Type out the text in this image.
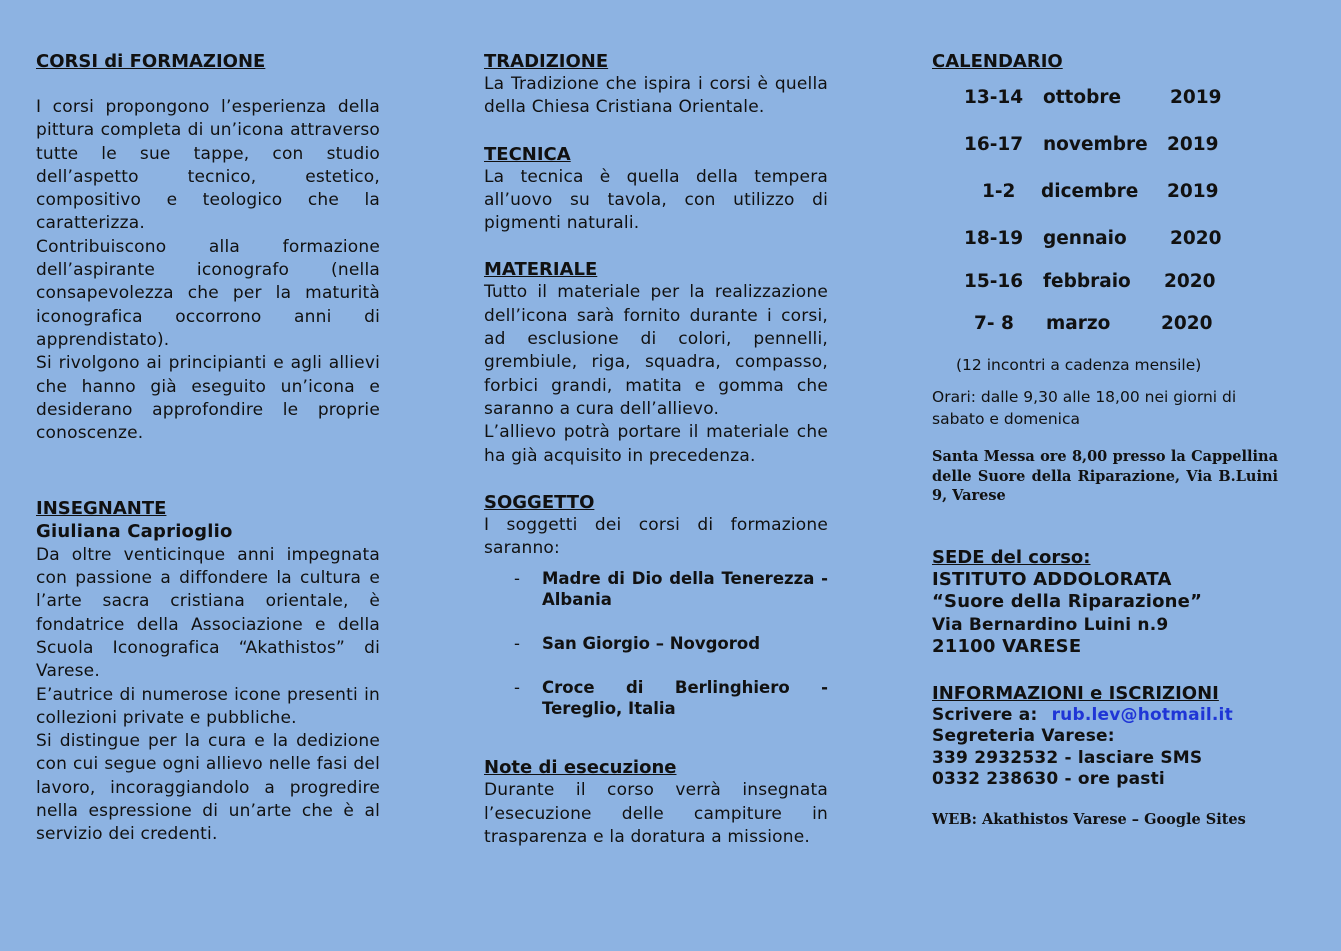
CORSI di FORMAZIONE

I corsi propongono l’esperienza della pittura completa di un’icona attraverso tutte le sue tappe, con studio dell’aspetto tecnico, estetico, compositivo e teologico che la caratterizza.

Contribuiscono alla formazione dell’aspirante iconografo (nella consapevolezza che per la maturità iconografica occorrono anni di apprendistato).

Si rivolgono ai principianti e agli allievi che hanno già eseguito un’icona e desiderano approfondire le proprie conoscenze.

INSEGNANTE

Giuliana Caprioglio

Da oltre venticinque anni impegnata con passione a diffondere la cultura e l’arte sacra cristiana orientale, è fondatrice della Associazione e della Scuola Iconografica “Akathistos” di Varese.

E’autrice di numerose icone presenti in collezioni private e pubbliche.

Si distingue per la cura e la dedizione con cui segue ogni allievo nelle fasi del lavoro, incoraggiandolo a progredire nella espressione di un’arte che è al servizio dei credenti.

TRADIZIONE

La Tradizione che ispira i corsi è quella della Chiesa Cristiana Orientale.

TECNICA

La tecnica è quella della tempera all’uovo su tavola, con utilizzo di pigmenti naturali.

MATERIALE

Tutto il materiale per la realizzazione dell’icona sarà fornito durante i corsi, ad esclusione di colori, pennelli, grembiule, riga, squadra, compasso, forbici grandi, matita e gomma che saranno a cura dell’allievo.

L’allievo potrà portare il materiale che ha già acquisito in precedenza.

SOGGETTO

I soggetti dei corsi di formazione saranno:

- Madre di Dio della Tenerezza - Albania
- San Giorgio – Novgorod
- Croce di Berlinghiero - Tereglio, Italia

Note di esecuzione

Durante il corso verrà insegnata l’esecuzione delle campiture in trasparenza e la doratura a missione.

CALENDARIO

13-14 ottobre	2019
16-17 novembre 2019
1-2 dicembre 2019
18-19 gennaio 2020
15-16 febbraio 2020
7- 8 marzo	2020

(12 incontri a cadenza mensile)

Orari: dalle 9,30 alle 18,00 nei giorni di sabato e domenica

Santa Messa ore 8,00 presso la Cappellina delle Suore della Riparazione, Via B.Luini 9, Varese

SEDE del corso:

ISTITUTO ADDOLORATA

“Suore della Riparazione”

Via Bernardino Luini n.9

21100 VARESE

INFORMAZIONI e ISCRIZIONI

Scrivere a: rub.lev@hotmail.it

Segreteria Varese:

339 2932532 - lasciare SMS

0332 238630 - ore pasti

WEB: Akathistos Varese – Google Sites
